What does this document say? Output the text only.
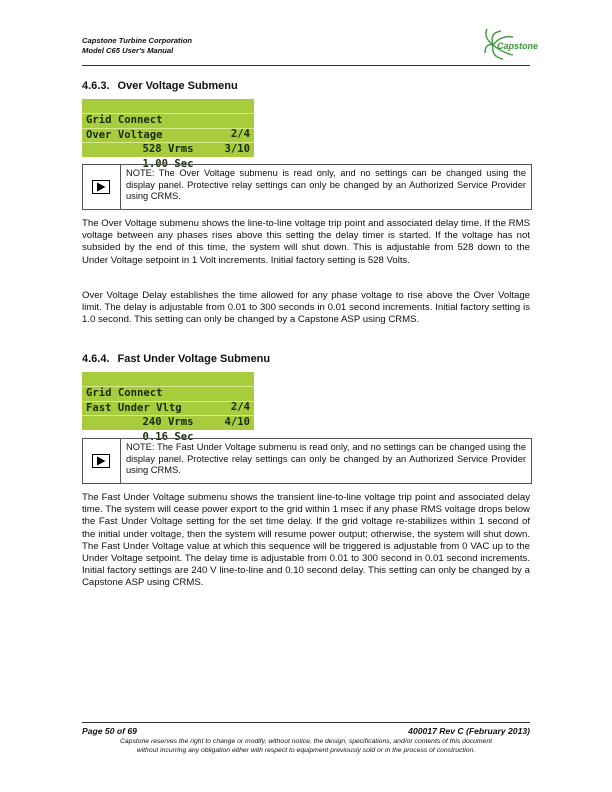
Capstone Turbine Corporation
Model C65 User's Manual	Capstone
4.6.3. Over Voltage Submenu

Grid Connect

2/4

Over Voltage

3/10

528 Vrms

1.00 Sec

NOTE: The Over Voltage submenu is read only, and no settings can be changed using the display panel. Protective relay settings can only be changed by an Authorized Service Provider using CRMS.

The Over Voltage submenu shows the line-to-line voltage trip point and associated delay time. If the RMS voltage between any phases rises above this setting the delay timer is started. If the voltage has not subsided by the end of this time, the system will shut down. This is adjustable from 528 down to the Under Voltage setpoint in 1 Volt increments. Initial factory setting is 528 Volts.

Over Voltage Delay establishes the time allowed for any phase voltage to rise above the Over Voltage limit. The delay is adjustable from 0.01 to 300 seconds in 0.01 second increments. Initial factory setting is 1.0 second. This setting can only be changed by a Capstone ASP using CRMS.

4.6.4. Fast Under Voltage Submenu

Grid Connect

2/4

Fast Under Vltg

4/10

240 Vrms

0.16 Sec

NOTE: The Fast Under Voltage submenu is read only, and no settings can be changed using the display panel. Protective relay settings can only be changed by an Authorized Service Provider using CRMS.

The Fast Under Voltage submenu shows the transient line-to-line voltage trip point and associated delay time. The system will cease power export to the grid within 1 msec if any phase RMS voltage drops below the Fast Under Voltage setting for the set time delay. If the grid voltage re-stabilizes within 1 second of the initial under voltage, then the system will resume power output; otherwise, the system will shut down. The Fast Under Voltage value at which this sequence will be triggered is adjustable from 0 VAC up to the Under Voltage setpoint. The delay time is adjustable from 0.01 to 300 second in 0.01 second increments. Initial factory settings are 240 V line-to-line and 0.10 second delay. This setting can only be changed by a Capstone ASP using CRMS.

Page 50 of 69	400017 Rev C (February 2013)
Capstone reserves the right to change or modify, without notice, the design, specifications, and/or contents of this document
without incurring any obligation either with respect to equipment previously sold or in the process of construction.
